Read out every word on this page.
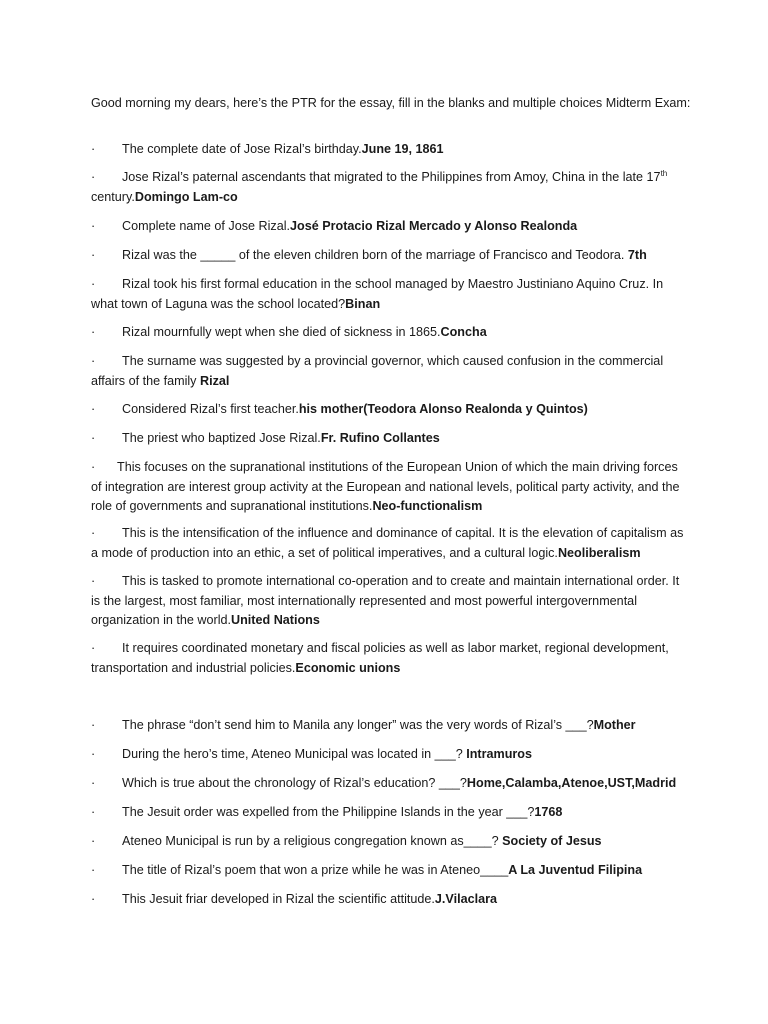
Good morning my dears, here’s the PTR for the essay, fill in the blanks and multiple choices Midterm Exam:
· The complete date of Jose Rizal’s birthday.June 19, 1861
· Jose Rizal’s paternal ascendants that migrated to the Philippines from Amoy, China in the late 17th century.Domingo Lam-co
· Complete name of Jose Rizal.José Protacio Rizal Mercado y Alonso Realonda
· Rizal was the _____ of the eleven children born of the marriage of Francisco and Teodora. 7th
· Rizal took his first formal education in the school managed by Maestro Justiniano Aquino Cruz. In what town of Laguna was the school located?Binan
· Rizal mournfully wept when she died of sickness in 1865.Concha
· The surname was suggested by a provincial governor, which caused confusion in the commercial affairs of the family Rizal
· Considered Rizal’s first teacher.his mother(Teodora Alonso Realonda y Quintos)
· The priest who baptized Jose Rizal.Fr. Rufino Collantes
· This focuses on the supranational institutions of the European Union of which the main driving forces of integration are interest group activity at the European and national levels, political party activity, and the role of governments and supranational institutions.Neo-functionalism
· This is the intensification of the influence and dominance of capital. It is the elevation of capitalism as a mode of production into an ethic, a set of political imperatives, and a cultural logic.Neoliberalism
· This is tasked to promote international co-operation and to create and maintain international order. It is the largest, most familiar, most internationally represented and most powerful intergovernmental organization in the world.United Nations
· It requires coordinated monetary and fiscal policies as well as labor market, regional development, transportation and industrial policies.Economic unions
· The phrase “don’t send him to Manila any longer” was the very words of Rizal’s ___?Mother
· During the hero’s time, Ateneo Municipal was located in ___? Intramuros
· Which is true about the chronology of Rizal’s education? ___?Home,Calamba,Atenoe,UST,Madrid
· The Jesuit order was expelled from the Philippine Islands in the year ___?1768
· Ateneo Municipal is run by a religious congregation known as____? Society of Jesus
· The title of Rizal’s poem that won a prize while he was in Ateneo____A La Juventud Filipina
· This Jesuit friar developed in Rizal the scientific attitude.J.Vilaclara
